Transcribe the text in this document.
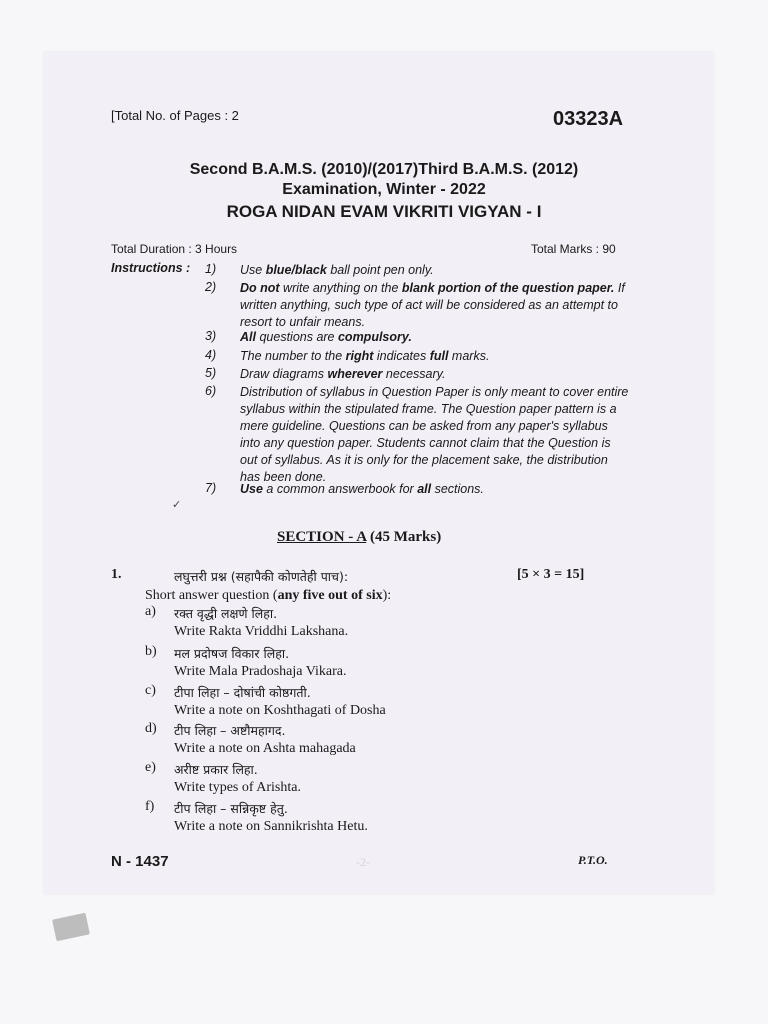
[Total No. of Pages : 2	03323A
Second B.A.M.S. (2010)/(2017)Third B.A.M.S. (2012)
Examination, Winter - 2022
ROGA NIDAN EVAM VIKRITI VIGYAN - I
Total Duration : 3 Hours	Total Marks : 90
Instructions : 1) Use blue/black ball point pen only.
2) Do not write anything on the blank portion of the question paper. If written anything, such type of act will be considered as an attempt to resort to unfair means.
3) All questions are compulsory.
4) The number to the right indicates full marks.
5) Draw diagrams wherever necessary.
6) Distribution of syllabus in Question Paper is only meant to cover entire syllabus within the stipulated frame. The Question paper pattern is a mere guideline. Questions can be asked from any paper's syllabus into any question paper. Students cannot claim that the Question is out of syllabus. As it is only for the placement sake, the distribution has been done.
7) Use a common answerbook for all sections.
✓
SECTION - A (45 Marks)
1.	लघुत्तरी प्रश्न (सहापैकी कोणतेही पाच):	[5 × 3 = 15]
Short answer question (any five out of six):
a) रक्त वृद्धी लक्षणे लिहा.
Write Rakta Vriddhi Lakshana.
b) मल प्रदोषज विकार लिहा.
Write Mala Pradoshaja Vikara.
c) टीपा लिहा – दोषांची कोष्ठगती.
Write a note on Koshthagati of Dosha
d) टीप लिहा – अष्टौमहागद.
Write a note on Ashta mahagada
e) अरीष्ट प्रकार लिहा.
Write types of Arishta.
f) टीप लिहा – सन्निकृष्ट हेतु.
Write a note on Sannikrishta Hetu.
N - 1437	-2-	P.T.O.
